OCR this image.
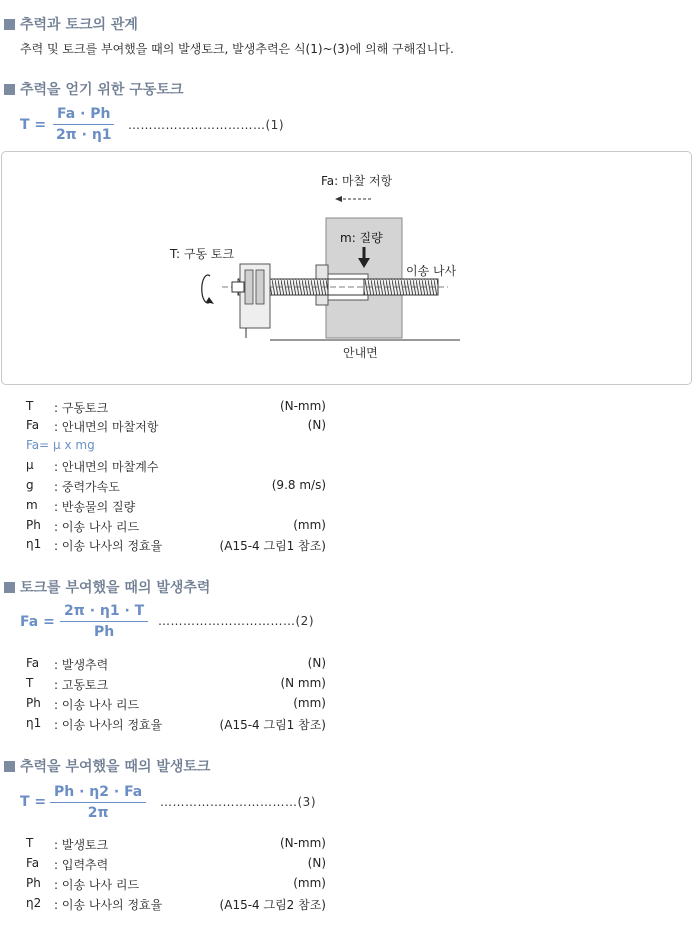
추력과 토크의 관계
추력 및 토크를 부여했을 때의 발생토크, 발생추력은 식(1)~(3)에 의해 구해집니다.
추력을 얻기 위한 구동토크
$T = \frac{Fa \cdot Ph}{2\pi \cdot \eta 1}$ ……………………………(1)
Fa: 마찰 저항
m: 질량
T: 구동 토크
이송 나사
안내면
T : 구동토크	(N-mm)
Fa : 안내면의 마찰저항	(N)
Fa= μ x mg
μ : 안내면의 마찰계수
g : 중력가속도	(9.8 m/s)
m : 반송물의 질량
Ph : 이송 나사 리드	(mm)
η1 : 이송 나사의 정효율	(A15-4 그림1 참조)
토크를 부여했을 때의 발생추력
$Fa = \frac{2\pi \cdot \eta 1 \cdot T}{Ph}$ ……………………………(2)
Fa : 발생추력	(N)
T : 고동토크	(N mm)
Ph : 이송 나사 리드	(mm)
η1 : 이송 나사의 정효율	(A15-4 그림1 참조)
추력을 부여했을 때의 발생토크
$T = \frac{Ph \cdot \eta 2 \cdot Fa}{2\pi}$ ……………………………(3)
T : 발생토크	(N-mm)
Fa : 입력추력	(N)
Ph : 이송 나사 리드	(mm)
η2 : 이송 나사의 정효율	(A15-4 그림2 참조)
